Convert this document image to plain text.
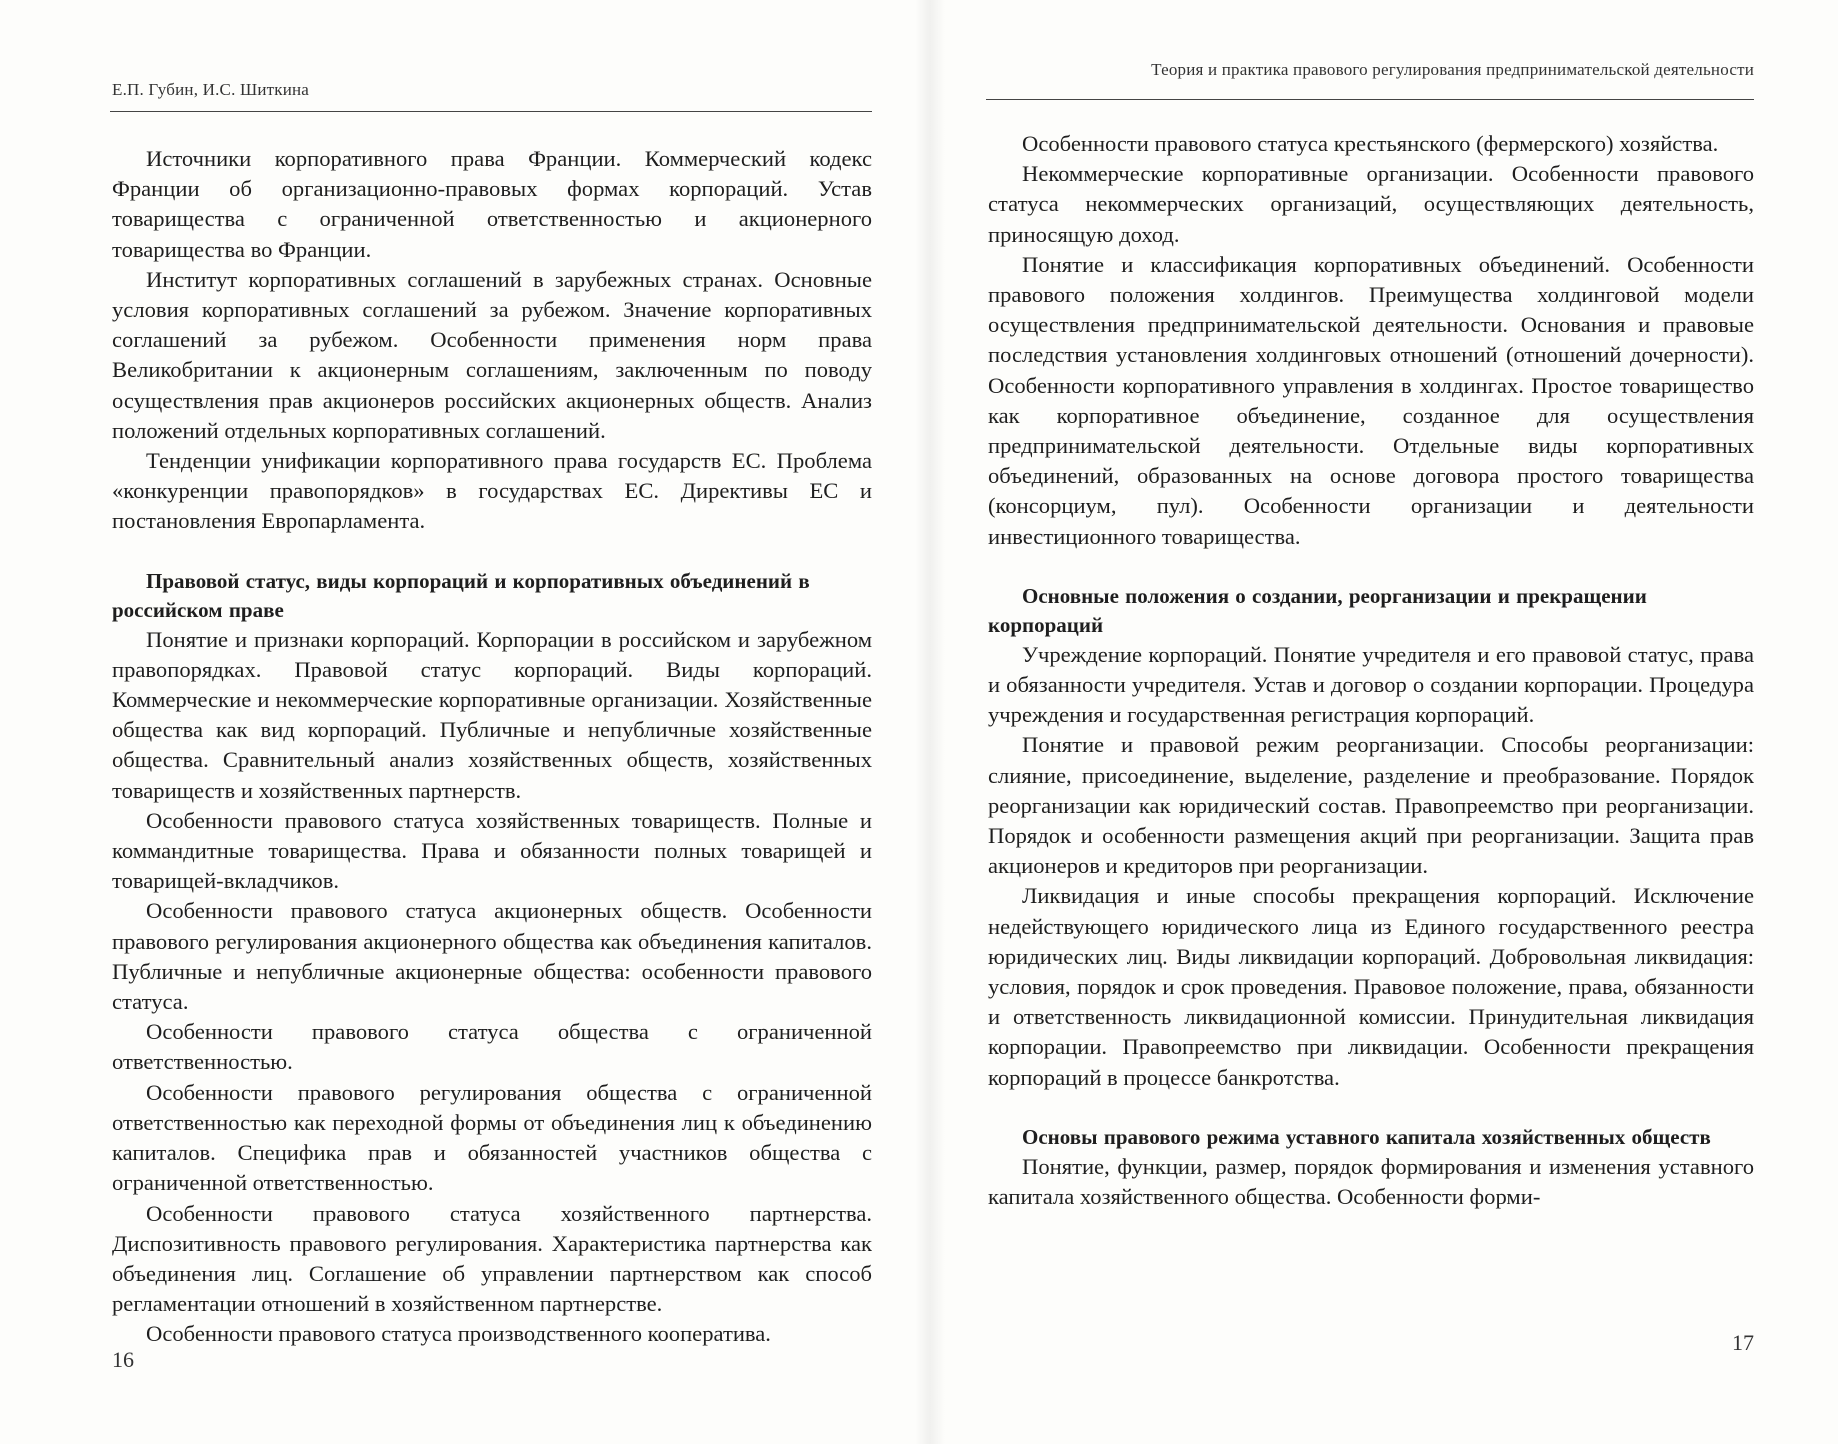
Е.П. Губин, И.С. Шиткина

Источники корпоративного права Франции. Коммерческий кодекс Франции об организационно-правовых формах корпораций. Устав товарищества с ограниченной ответственностью и акционерного товарищества во Франции.

Институт корпоративных соглашений в зарубежных странах. Основные условия корпоративных соглашений за рубежом. Значение корпоративных соглашений за рубежом. Особенности применения норм права Великобритании к акционерным соглашениям, заключенным по поводу осуществления прав акционеров российских акционерных обществ. Анализ положений отдельных корпоративных соглашений.

Тенденции унификации корпоративного права государств ЕС. Проблема «конкуренции правопорядков» в государствах ЕС. Директивы ЕС и постановления Европарламента.

Правовой статус, виды корпораций и корпоративных объединений в российском праве

Понятие и признаки корпораций. Корпорации в российском и зарубежном правопорядках. Правовой статус корпораций. Виды корпораций. Коммерческие и некоммерческие корпоративные организации. Хозяйственные общества как вид корпораций. Публичные и непубличные хозяйственные общества. Сравнительный анализ хозяйственных обществ, хозяйственных товариществ и хозяйственных партнерств.

Особенности правового статуса хозяйственных товариществ. Полные и коммандитные товарищества. Права и обязанности полных товарищей и товарищей-вкладчиков.

Особенности правового статуса акционерных обществ. Особенности правового регулирования акционерного общества как объединения капиталов. Публичные и непубличные акционерные общества: особенности правового статуса.

Особенности правового статуса общества с ограниченной ответственностью.

Особенности правового регулирования общества с ограниченной ответственностью как переходной формы от объединения лиц к объединению капиталов. Специфика прав и обязанностей участников общества с ограниченной ответственностью.

Особенности правового статуса хозяйственного партнерства. Диспозитивность правового регулирования. Характеристика партнерства как объединения лиц. Соглашение об управлении партнерством как способ регламентации отношений в хозяйственном партнерстве.

Особенности правового статуса производственного кооператива.

16
Теория и практика правового регулирования предпринимательской деятельности

Особенности правового статуса крестьянского (фермерского) хозяйства.

Некоммерческие корпоративные организации. Особенности правового статуса некоммерческих организаций, осуществляющих деятельность, приносящую доход.

Понятие и классификация корпоративных объединений. Особенности правового положения холдингов. Преимущества холдинговой модели осуществления предпринимательской деятельности. Основания и правовые последствия установления холдинговых отношений (отношений дочерности). Особенности корпоративного управления в холдингах. Простое товарищество как корпоративное объединение, созданное для осуществления предпринимательской деятельности. Отдельные виды корпоративных объединений, образованных на основе договора простого товарищества (консорциум, пул). Особенности организации и деятельности инвестиционного товарищества.

Основные положения о создании, реорганизации и прекращении корпораций

Учреждение корпораций. Понятие учредителя и его правовой статус, права и обязанности учредителя. Устав и договор о создании корпорации. Процедура учреждения и государственная регистрация корпораций.

Понятие и правовой режим реорганизации. Способы реорганизации: слияние, присоединение, выделение, разделение и преобразование. Порядок реорганизации как юридический состав. Правопреемство при реорганизации. Порядок и особенности размещения акций при реорганизации. Защита прав акционеров и кредиторов при реорганизации.

Ликвидация и иные способы прекращения корпораций. Исключение недействующего юридического лица из Единого государственного реестра юридических лиц. Виды ликвидации корпораций. Добровольная ликвидация: условия, порядок и срок проведения. Правовое положение, права, обязанности и ответственность ликвидационной комиссии. Принудительная ликвидация корпорации. Правопреемство при ликвидации. Особенности прекращения корпораций в процессе банкротства.

Основы правового режима уставного капитала хозяйственных обществ

Понятие, функции, размер, порядок формирования и изменения уставного капитала хозяйственного общества. Особенности форми-

17
